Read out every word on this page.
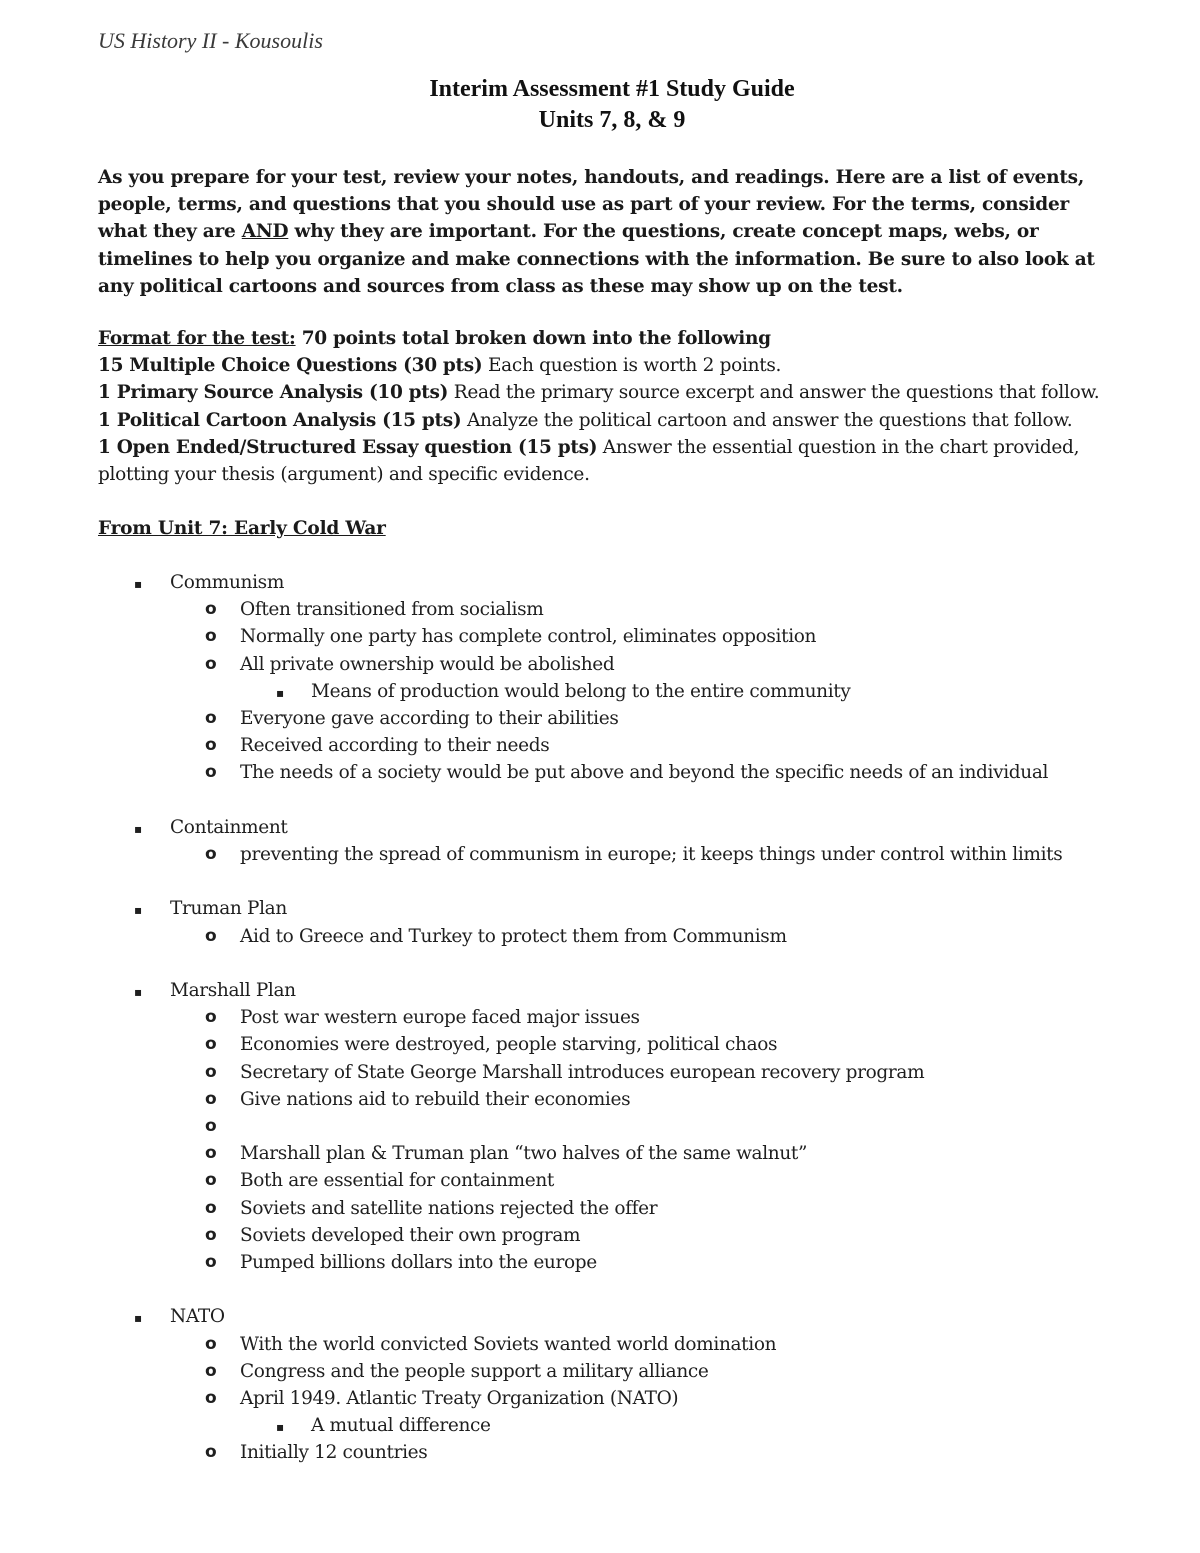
US History II - Kousoulis
Interim Assessment #1 Study Guide
Units 7, 8, & 9
As you prepare for your test, review your notes, handouts, and readings. Here are a list of events, people, terms, and questions that you should use as part of your review. For the terms, consider what they are AND why they are important. For the questions, create concept maps, webs, or timelines to help you organize and make connections with the information. Be sure to also look at any political cartoons and sources from class as these may show up on the test.
Format for the test: 70 points total broken down into the following
15 Multiple Choice Questions (30 pts) Each question is worth 2 points.
1 Primary Source Analysis (10 pts) Read the primary source excerpt and answer the questions that follow.
1 Political Cartoon Analysis (15 pts) Analyze the political cartoon and answer the questions that follow.
1 Open Ended/Structured Essay question (15 pts) Answer the essential question in the chart provided,
plotting your thesis (argument) and specific evidence.
From Unit 7: Early Cold War
▪ Communism
o Often transitioned from socialism
o Normally one party has complete control, eliminates opposition
o All private ownership would be abolished
▪ Means of production would belong to the entire community
o Everyone gave according to their abilities
o Received according to their needs
o The needs of a society would be put above and beyond the specific needs of an individual
▪ Containment
o preventing the spread of communism in europe; it keeps things under control within limits
▪ Truman Plan
o Aid to Greece and Turkey to protect them from Communism
▪ Marshall Plan
o Post war western europe faced major issues
o Economies were destroyed, people starving, political chaos
o Secretary of State George Marshall introduces european recovery program
o Give nations aid to rebuild their economies
o
o Marshall plan & Truman plan “two halves of the same walnut”
o Both are essential for containment
o Soviets and satellite nations rejected the offer
o Soviets developed their own program
o Pumped billions dollars into the europe
▪ NATO
o With the world convicted Soviets wanted world domination
o Congress and the people support a military alliance
o April 1949. Atlantic Treaty Organization (NATO)
▪ A mutual difference
o Initially 12 countries
